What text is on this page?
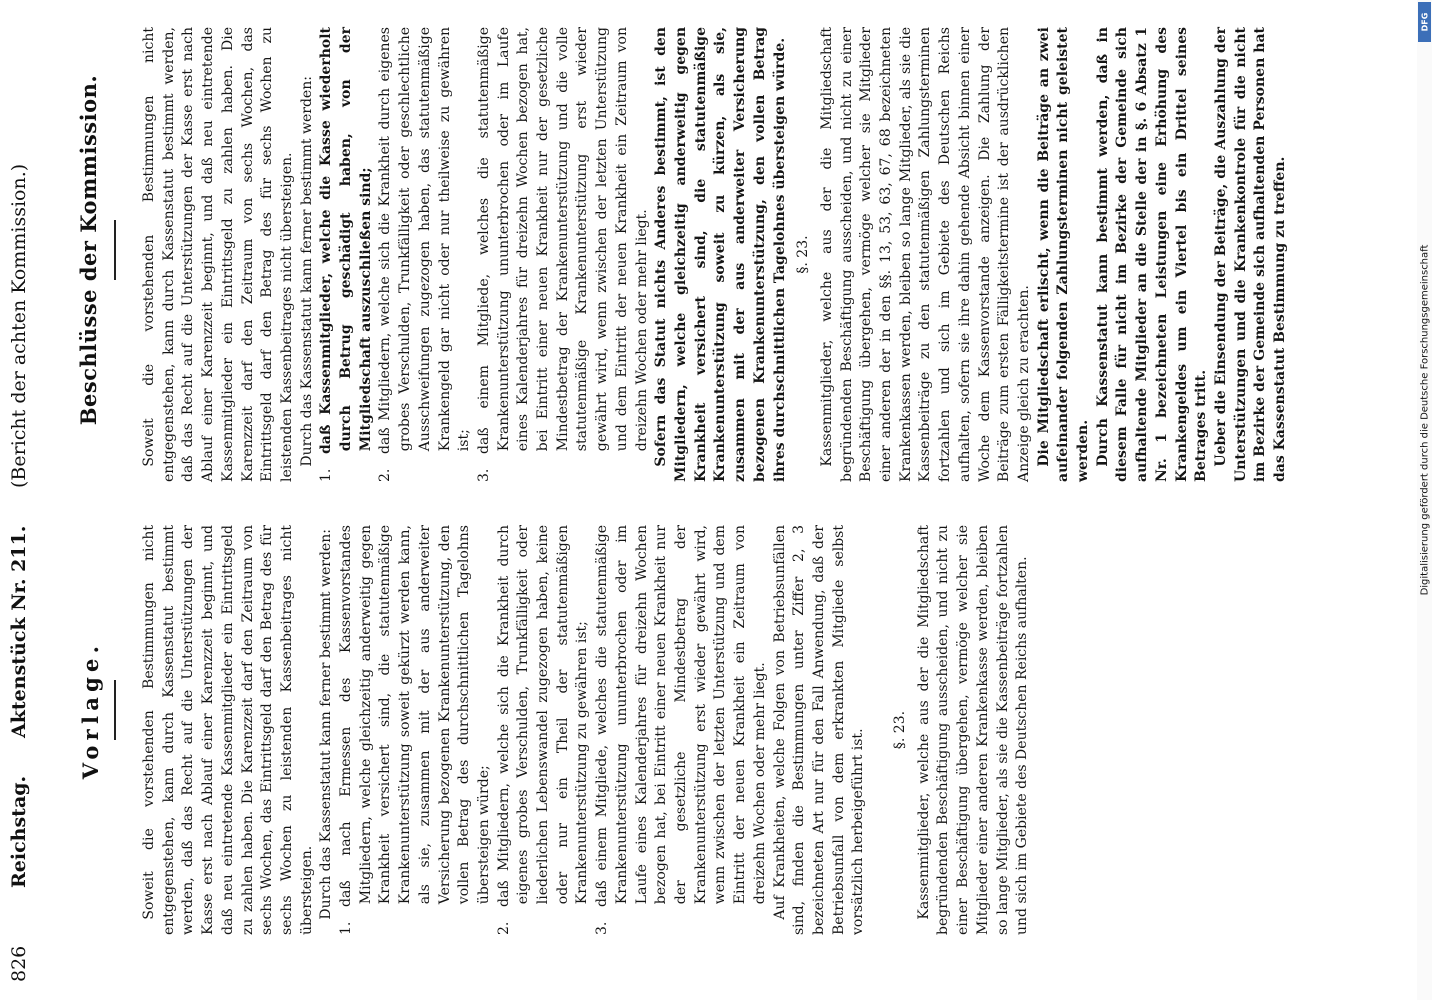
826
Reichstag.
Aktenstück Nr. 211.
(Bericht der achten Kommission.)
Vorlage.
Beschlüsse der Kommission.

Soweit die vorstehenden Bestimmungen nicht entgegenstehen, kann durch Kassenstatut bestimmt werden, daß das Recht auf die Unterstützungen der Kasse erst nach Ablauf einer Karenzzeit beginnt, und daß neu eintretende Kassenmitglieder ein Eintrittsgeld zu zahlen haben. Die Karenzzeit darf den Zeitraum von sechs Wochen, das Eintrittsgeld darf den Betrag des für sechs Wochen zu leistenden Kassenbeitrages nicht übersteigen. Durch das Kassenstatut kann ferner bestimmt werden:

1.daß nach Ermessen des Kassenvorstandes Mitgliedern, welche gleichzeitig anderweitig gegen Krankheit versichert sind, die statutenmäßige Krankenunterstützung soweit gekürzt werden kann, als sie, zusammen mit der aus anderweiter Versicherung bezogenen Krankenunterstützung, den vollen Betrag des durchschnittlichen Tagelohns übersteigen würde;
2.daß Mitgliedern, welche sich die Krankheit durch eigenes grobes Verschulden, Trunkfälligkeit oder liederlichen Lebenswandel zugezogen haben, keine oder nur ein Theil der statutenmäßigen Krankenunterstützung zu gewähren ist;
3.daß einem Mitgliede, welches die statutenmäßige Krankenunterstützung ununterbrochen oder im Laufe eines Kalenderjahres für dreizehn Wochen bezogen hat, bei Eintritt einer neuen Krankheit nur der gesetzliche Mindestbetrag der Krankenunterstützung erst wieder gewährt wird, wenn zwischen der letzten Unterstützung und dem Eintritt der neuen Krankheit ein Zeitraum von dreizehn Wochen oder mehr liegt. Auf Krankheiten, welche Folgen von Betriebsunfällen sind, finden die Bestimmungen unter Ziffer 2, 3 bezeichneten Art nur für den Fall Anwendung, daß der Betriebsunfall von dem erkrankten Mitgliede selbst vorsätzlich herbeigeführt ist. §. 23. Kassenmitglieder, welche aus der die Mitgliedschaft begründenden Beschäftigung ausscheiden, und nicht zu einer Beschäftigung übergehen, vermöge welcher sie Mitglieder einer anderen Krankenkasse werden, bleiben so lange Mitglieder, als sie die Kassenbeiträge fortzahlen und sich im Gebiete des Deutschen Reichs aufhalten.

Soweit die vorstehenden Bestimmungen nicht entgegenstehen, kann durch Kassenstatut bestimmt werden, daß das Recht auf die Unterstützungen der Kasse erst nach Ablauf einer Karenzzeit beginnt, und daß neu eintretende Kassenmitglieder ein Eintrittsgeld zu zahlen haben. Die Karenzzeit darf den Zeitraum von sechs Wochen, das Eintrittsgeld darf den Betrag des für sechs Wochen zu leistenden Kassenbeitrages nicht übersteigen. Durch das Kassenstatut kann ferner bestimmt werden:

1.daß Kassenmitglieder, welche die Kasse wiederholt durch Betrug geschädigt haben, von der Mitgliedschaft auszuschließen sind;
2.daß Mitgliedern, welche sich die Krankheit durch eigenes grobes Verschulden, Trunkfälligkeit oder geschlechtliche Ausschweifungen zugezogen haben, das statutenmäßige Krankengeld gar nicht oder nur theilweise zu gewähren ist;
3.daß einem Mitgliede, welches die statutenmäßige Krankenunterstützung ununterbrochen oder im Laufe eines Kalenderjahres für dreizehn Wochen bezogen hat, bei Eintritt einer neuen Krankheit nur der gesetzliche Mindestbetrag der Krankenunterstützung und die volle statutenmäßige Krankenunterstützung erst wieder gewährt wird, wenn zwischen der letzten Unterstützung und dem Eintritt der neuen Krankheit ein Zeitraum von dreizehn Wochen oder mehr liegt. Sofern das Statut nichts Anderes bestimmt, ist den Mitgliedern, welche gleichzeitig anderweitig gegen Krankheit versichert sind, die statutenmäßige Krankenunterstützung soweit zu kürzen, als sie, zusammen mit der aus anderweiter Versicherung bezogenen Krankenunterstützung, den vollen Betrag ihres durchschnittlichen Tagelohnes übersteigen würde. §. 23. Kassenmitglieder, welche aus der die Mitgliedschaft begründenden Beschäftigung ausscheiden, und nicht zu einer Beschäftigung übergehen, vermöge welcher sie Mitglieder einer anderen der in den §§. 13, 53, 63, 67, 68 bezeichneten Krankenkassen werden, bleiben so lange Mitglieder, als sie die Kassenbeiträge zu den statutenmäßigen Zahlungsterminen fortzahlen und sich im Gebiete des Deutschen Reichs aufhalten, sofern sie ihre dahin gehende Absicht binnen einer Woche dem Kassenvorstande anzeigen. Die Zahlung der Beiträge zum ersten Fälligkeitstermine ist der ausdrücklichen Anzeige gleich zu erachten. Die Mitgliedschaft erlischt, wenn die Beiträge an zwei aufeinander folgenden Zahlungsterminen nicht geleistet werden. Durch Kassenstatut kann bestimmt werden, daß in diesem Falle für nicht im Bezirke der Gemeinde sich aufhaltende Mitglieder an die Stelle der in §. 6 Absatz 1 Nr. 1 bezeichneten Leistungen eine Erhöhung des Krankengeldes um ein Viertel bis ein Drittel seines Betrages tritt. Ueber die Einsendung der Beiträge, die Auszahlung der Unterstützungen und die Krankenkontrole für die nicht im Bezirke der Gemeinde sich aufhaltenden Personen hat das Kassenstatut Bestimmung zu treffen.

DFG
Digitalisierung gefördert durch die Deutsche Forschungsgemeinschaft
